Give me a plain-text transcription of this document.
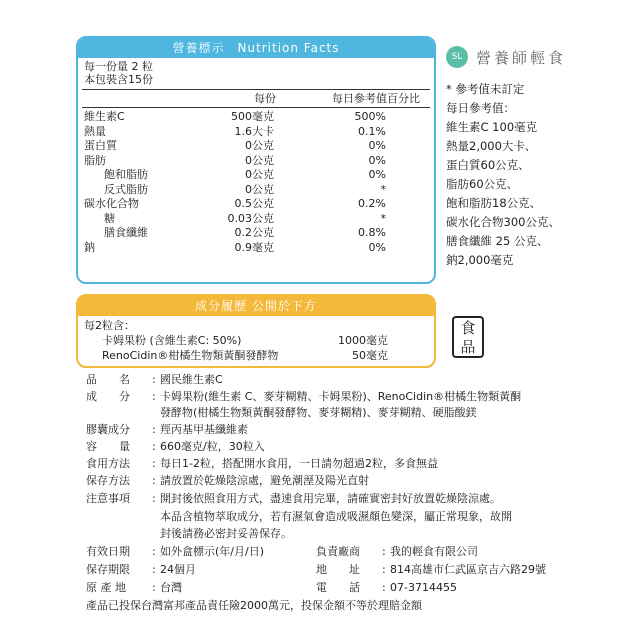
營養標示　Nutrition Facts
每一份量 2 粒
本包裝含15份
每份	每日參考值百分比
維生素C	500毫克	500%
熱量	1.6大卡	0.1%
蛋白質	0公克	0%
脂肪	0公克	0%
飽和脂肪	0公克	0%
反式脂肪	0公克	*
碳水化合物	0.5公克	0.2%
糖	0.03公克	*
膳食纖維	0.2公克	0.8%
鈉	0.9毫克	0%
成分履歷 公開於下方
每2粒含：
卡姆果粉 (含維生素C: 50%)	1000毫克
RenoCidin®柑橘生物類黃酮發酵物	50毫克
SL 營養師輕食
* 參考值未訂定
每日參考值：
維生素C 100毫克
熱量2,000大卡、
蛋白質60公克、
脂肪60公克、
飽和脂肪18公克、
碳水化合物300公克、
膳食纖維 25 公克、
鈉2,000毫克
食
品
品　　名	: 國民維生素C
成　　分	: 卡姆果粉(維生素 C、麥芽糊精、卡姆果粉)、RenoCidin®柑橘生物類黃酮
發酵物(柑橘生物類黃酮發酵物、麥芽糊精)、麥芽糊精、硬脂酸鎂
膠囊成分	: 羥丙基甲基纖維素
容　　量	: 660毫克/粒，30粒入
食用方法	: 每日1-2粒，搭配開水食用，一日請勿超過2粒，多食無益
保存方法	: 請放置於乾燥陰涼處，避免潮溼及陽光直射
注意事項	: 開封後依照食用方式，盡速食用完畢，請確實密封好放置乾燥陰涼處。
本品含植物萃取成分，若有濕氣會造成吸濕顏色變深，屬正常現象，故開
封後請務必密封妥善保存。
有效日期	: 如外盒標示(年/月/日)	負責廠商	: 我的輕食有限公司
保存期限	: 24個月	地　　址	: 814高雄市仁武區京吉六路29號
原 產 地	: 台灣	電　　話	: 07-3714455
產品已投保台灣富邦產品責任險2000萬元，投保金額不等於理賠金額
